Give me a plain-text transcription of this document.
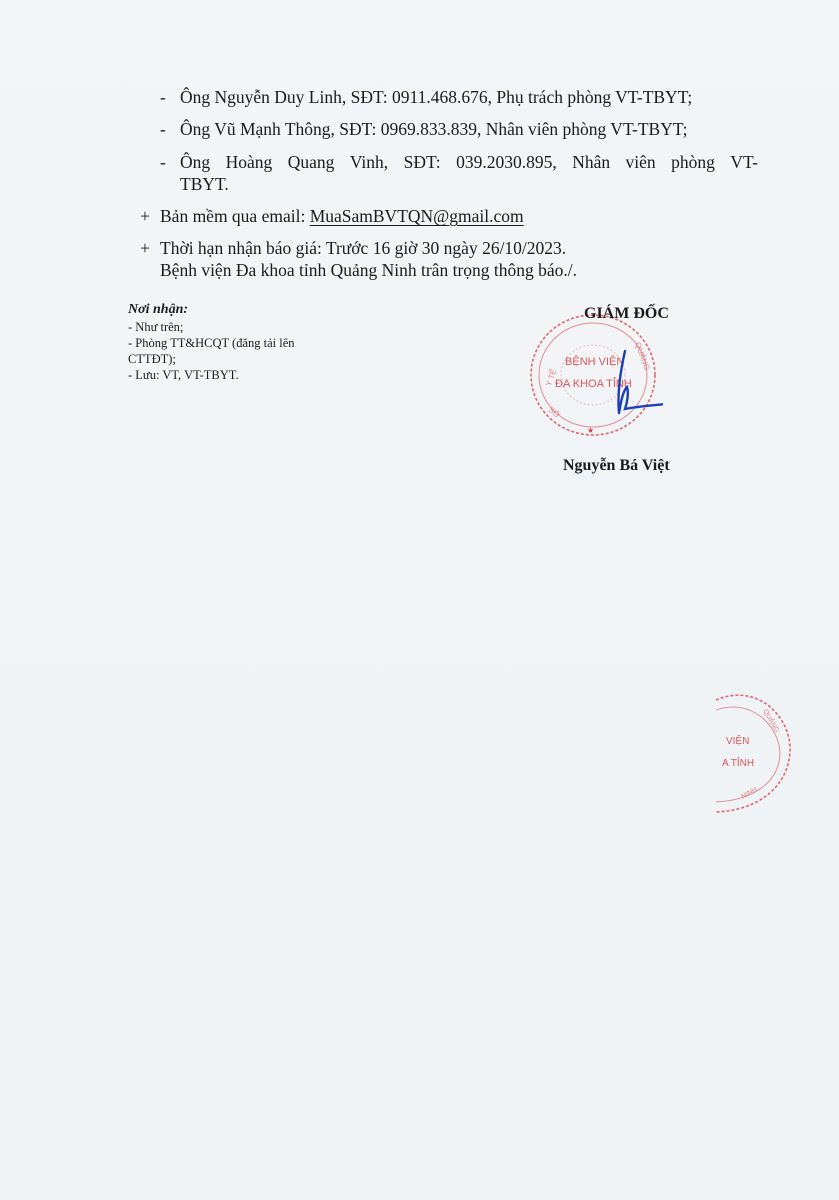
- Ông Nguyễn Duy Linh, SĐT: 0911.468.676, Phụ trách phòng VT-TBYT;
- Ông Vũ Mạnh Thông, SĐT: 0969.833.839, Nhân viên phòng VT-TBYT;
- Ông Hoàng Quang Vinh, SĐT: 039.2030.895, Nhân viên phòng VT-
TBYT.
+ Bản mềm qua email: MuaSamBVTQN@gmail.com
+ Thời hạn nhận báo giá: Trước 16 giờ 30 ngày 26/10/2023.
Bệnh viện Đa khoa tỉnh Quảng Ninh trân trọng thông báo./.
Nơi nhận:
- Như trên;
- Phòng TT&HCQT (đăng tải lên
CTTĐT);
- Lưu: VT, VT-TBYT.
BỆNH VIỆN
ĐA KHOA TỈNH
Y TẾ
QUẢNG
SỞ
★
GIÁM ĐỐC
Nguyễn Bá Việt
VIỆN
A TỈNH
QUẢNG
NINH
